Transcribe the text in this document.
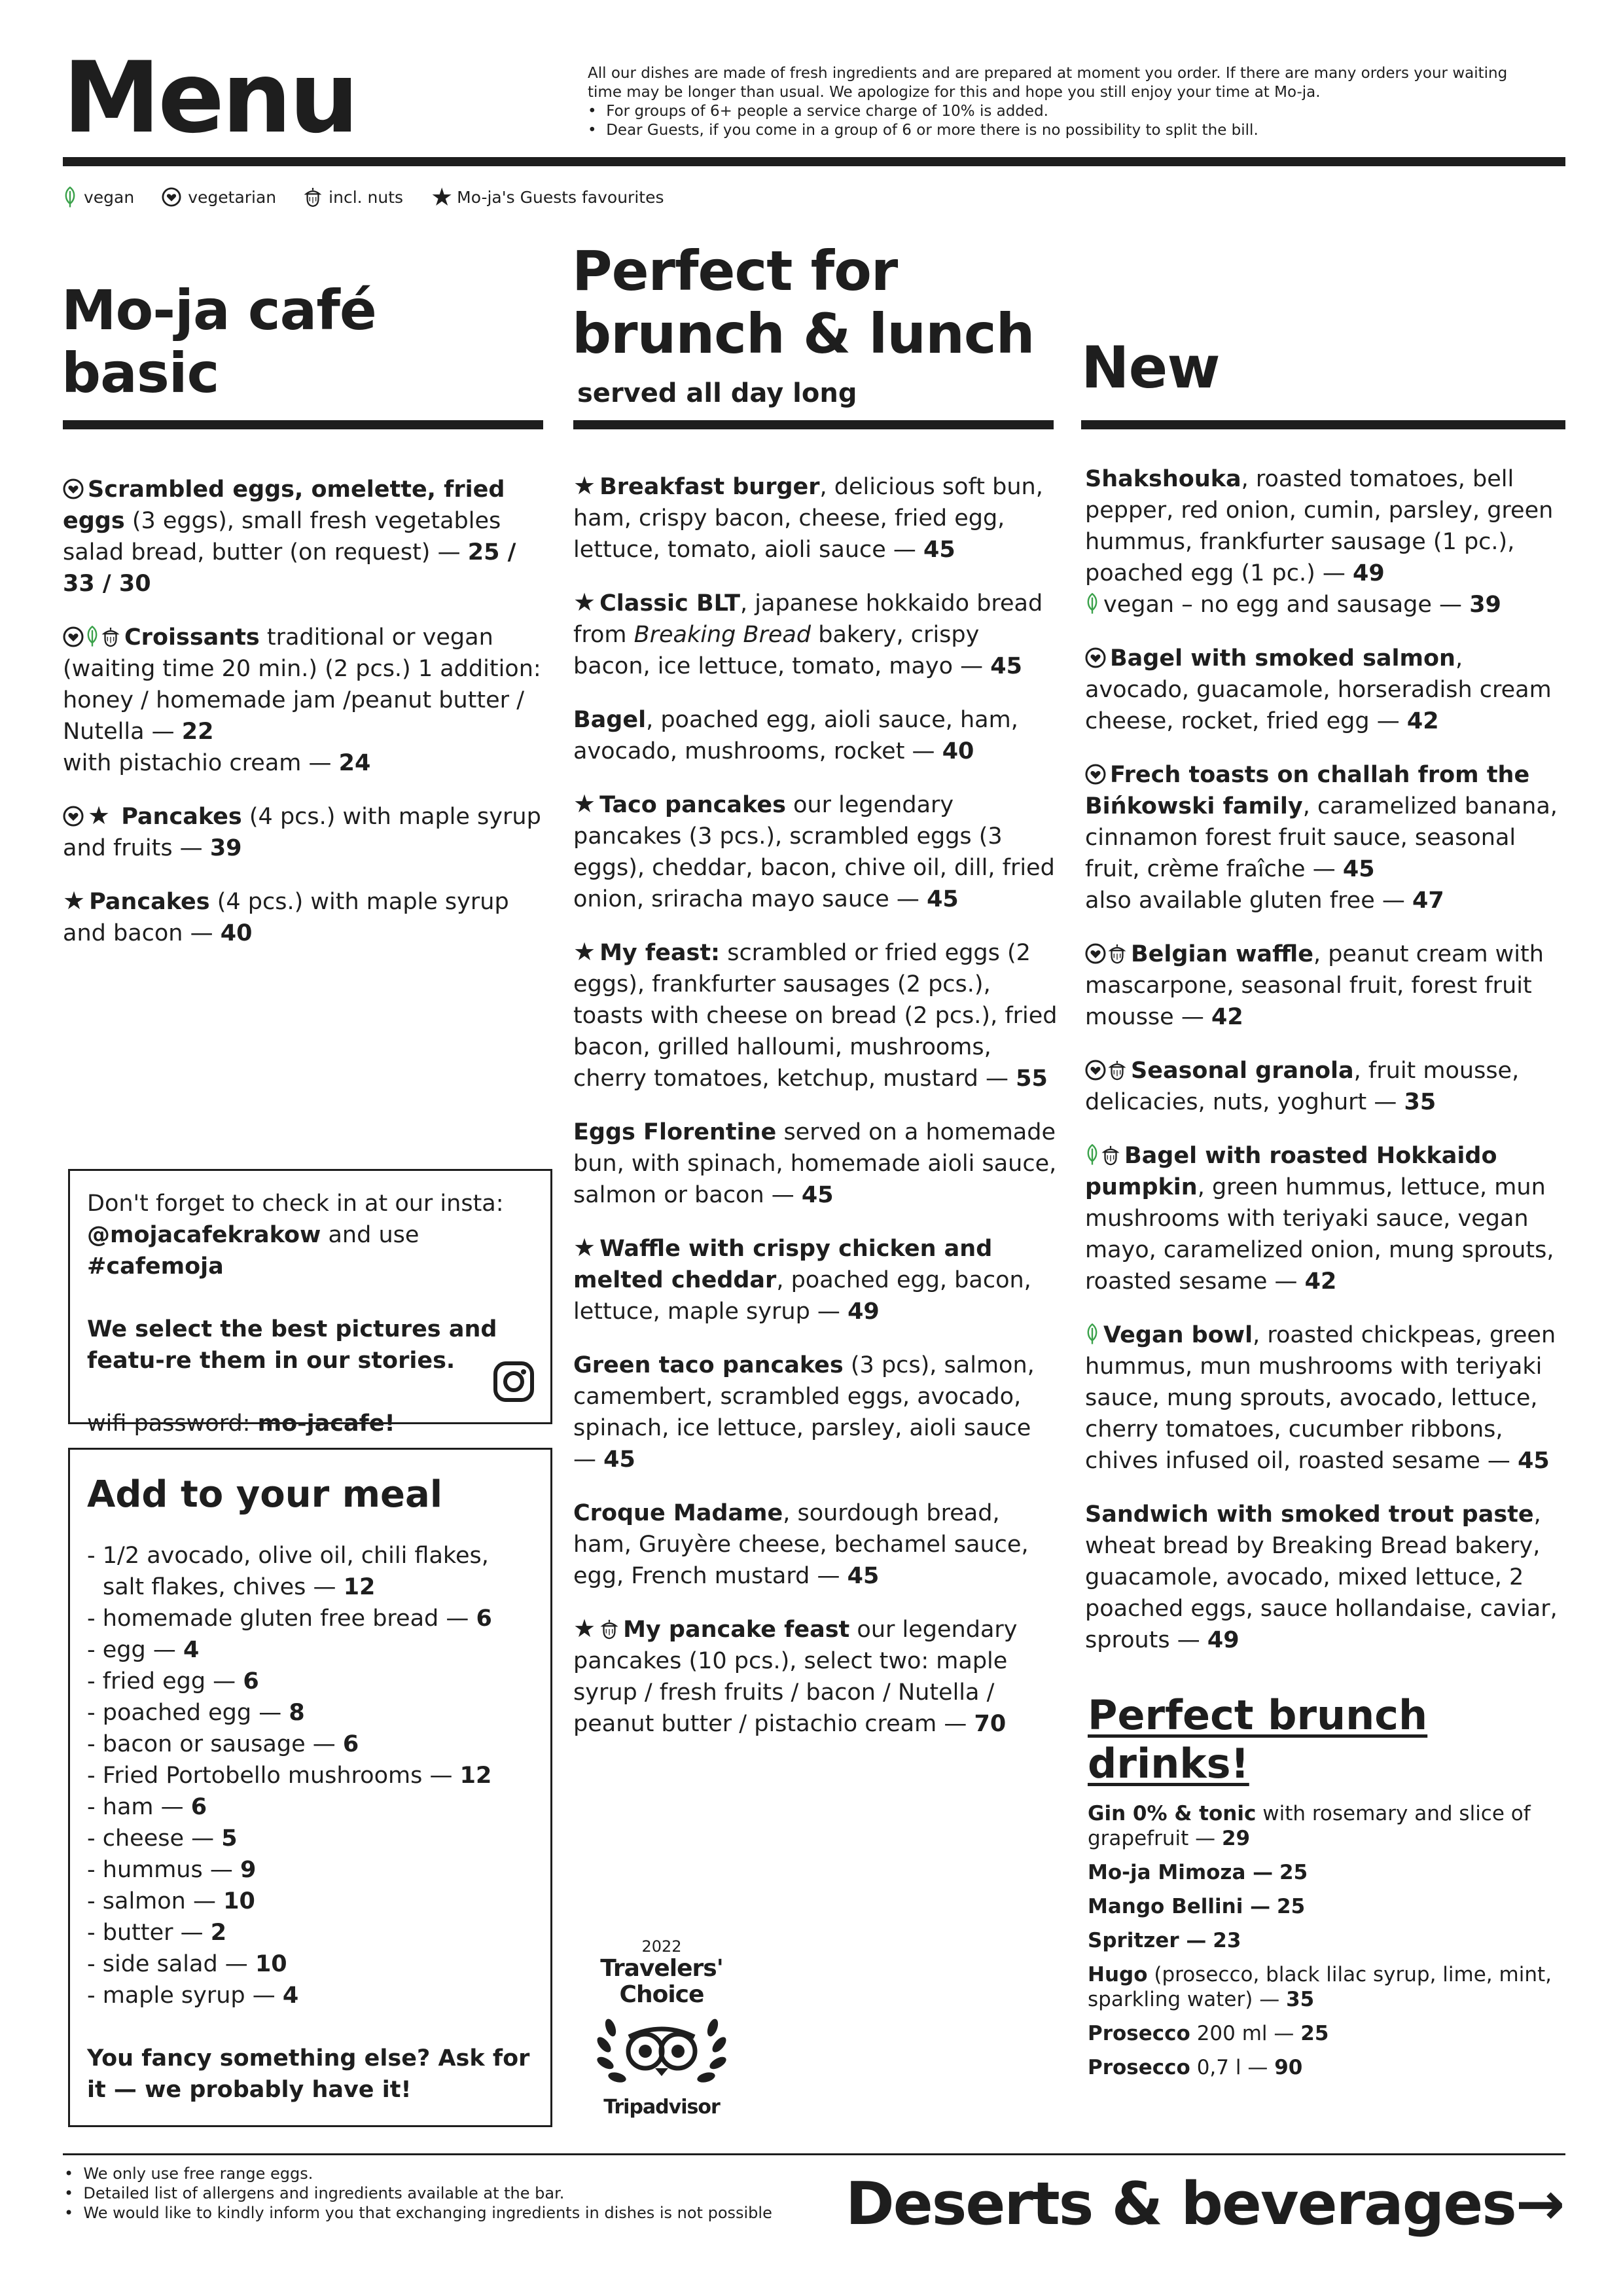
Menu	All our dishes are made of fresh ingredients and are prepared at moment you order. If there are many orders your waiting time may be longer than usual. We apologize for this and hope you still enjoy your time at Mo-ja.

•  For groups of 6+ people a service charge of 10% is added.

•  Dear Guests, if you come in a group of 6 or more there is no possibility to split the bill.

vegan	vegetarian	incl. nuts ★ Mo-ja's Guests favourites
Mo-ja café basic
Perfect for brunch & lunch
served all day long	New
Scrambled eggs, omelette, fried eggs (3 eggs), small fresh vegetables salad bread, butter (on request) — 25 / 33 / 30
Croissants traditional or vegan (waiting time 20 min.) (2 pcs.) 1 addition: honey / homemade jam /peanut butter / Nutella — 22
with pistachio cream — 24
★ Pancakes (4 pcs.) with maple syrup and fruits — 39
★ Pancakes (4 pcs.) with maple syrup and bacon — 40

Don't forget to check in at our insta:
@mojacafekrakow and use #cafemoja

We select the best pictures and featu-re them in our stories.

wifi password: mo-jacafe!

Add to your meal
- 1/2 avocado, olive oil, chili flakes, salt flakes, chives — 12
- homemade gluten free bread — 6
- egg — 4
- fried egg — 6
- poached egg — 8
- bacon or sausage — 6
- Fried Portobello mushrooms — 12
- ham — 6
- cheese — 5
- hummus — 9
- salmon — 10
- butter — 2
- side salad — 10
- maple syrup — 4
You fancy something else? Ask for it — we probably have it!
★ Breakfast burger, delicious soft bun, ham, crispy bacon, cheese, fried egg, lettuce, tomato, aioli sauce — 45
★ Classic BLT, japanese hokkaido bread from Breaking Bread bakery, crispy bacon, ice lettuce, tomato, mayo — 45
Bagel, poached egg, aioli sauce, ham, avocado, mushrooms, rocket — 40
★ Taco pancakes our legendary pancakes (3 pcs.), scrambled eggs (3 eggs), cheddar, bacon, chive oil, dill, fried onion, sriracha mayo sauce — 45
★ My feast: scrambled or fried eggs (2 eggs), frankfurter sausages (2 pcs.), toasts with cheese on bread (2 pcs.), fried bacon, grilled halloumi, mushrooms, cherry tomatoes, ketchup, mustard — 55
Eggs Florentine served on a homemade bun, with spinach, homemade aioli sauce, salmon or bacon — 45
★ Waffle with crispy chicken and melted cheddar, poached egg, bacon, lettuce, maple syrup — 49
Green taco pancakes (3 pcs), salmon, camembert, scrambled eggs, avocado, spinach, ice lettuce, parsley, aioli sauce — 45
Croque Madame, sourdough bread, ham, Gruyère cheese, bechamel sauce, egg, French mustard — 45
★ My pancake feast our legendary pancakes (10 pcs.), select two: maple syrup / fresh fruits / bacon / Nutella / peanut butter / pistachio cream — 70
2022
Travelers'
Choice
Tripadvisor
Shakshouka, roasted tomatoes, bell pepper, red onion, cumin, parsley, green hummus, frankfurter sausage (1 pc.), poached egg (1 pc.) — 49
vegan – no egg and sausage — 39
Bagel with smoked salmon, avocado, guacamole, horseradish cream cheese, rocket, fried egg — 42
Frech toasts on challah from the Bińkowski family, caramelized banana, cinnamon forest fruit sauce, seasonal fruit, crème fraîche — 45
also available gluten free — 47
Belgian waffle, peanut cream with mascarpone, seasonal fruit, forest fruit mousse — 42
Seasonal granola, fruit mousse, delicacies, nuts, yoghurt — 35
Bagel with roasted Hokkaido pumpkin, green hummus, lettuce, mun mushrooms with teriyaki sauce, vegan mayo, caramelized onion, mung sprouts, roasted sesame — 42
Vegan bowl, roasted chickpeas, green hummus, mun mushrooms with teriyaki sauce, mung sprouts, avocado, lettuce, cherry tomatoes, cucumber ribbons, chives infused oil, roasted sesame — 45
Sandwich with smoked trout paste, wheat bread by Breaking Bread bakery, guacamole, avocado, mixed lettuce, 2 poached eggs, sauce hollandaise, caviar, sprouts — 49
Perfect brunch drinks!
Gin 0% & tonic with rosemary and slice of grapefruit — 29
Mo-ja Mimoza — 25
Mango Bellini — 25
Spritzer — 23
Hugo (prosecco, black lilac syrup, lime, mint, sparkling water) — 35
Prosecco 200 ml — 25
Prosecco 0,7 l — 90
•  We only use free range eggs.
•  Detailed list of allergens and ingredients available at the bar.
•  We would like to kindly inform you that exchanging ingredients in dishes is not possible Deserts & beverages→
